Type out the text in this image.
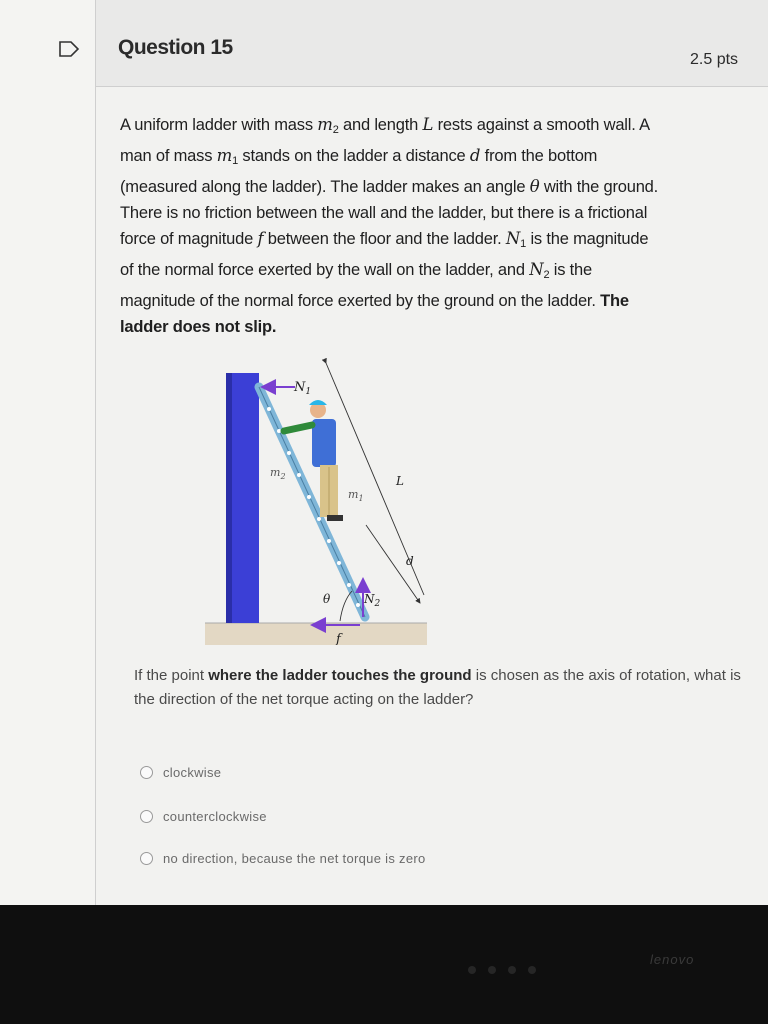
Question 15
2.5 pts
A uniform ladder with mass $m_2$ and length L rests against a smooth wall. A
man of mass $m_1$ stands on the ladder a distance d from the bottom
(measured along the ladder). The ladder makes an angle θ with the ground.
There is no friction between the wall and the ladder, but there is a frictional
force of magnitude f between the floor and the ladder. $N_1$ is the magnitude
of the normal force exerted by the wall on the ladder, and $N_2$ is the
magnitude of the normal force exerted by the ground on the ladder. The
ladder does not slip.
$N_1$
$N_2$
$m_2$
$m_1$
L
d
θ
f
If the point where the ladder touches the ground is chosen as the axis of rotation, what is the direction of the net torque acting on the ladder?
clockwise
counterclockwise
no direction, because the net torque is zero
lenovo
